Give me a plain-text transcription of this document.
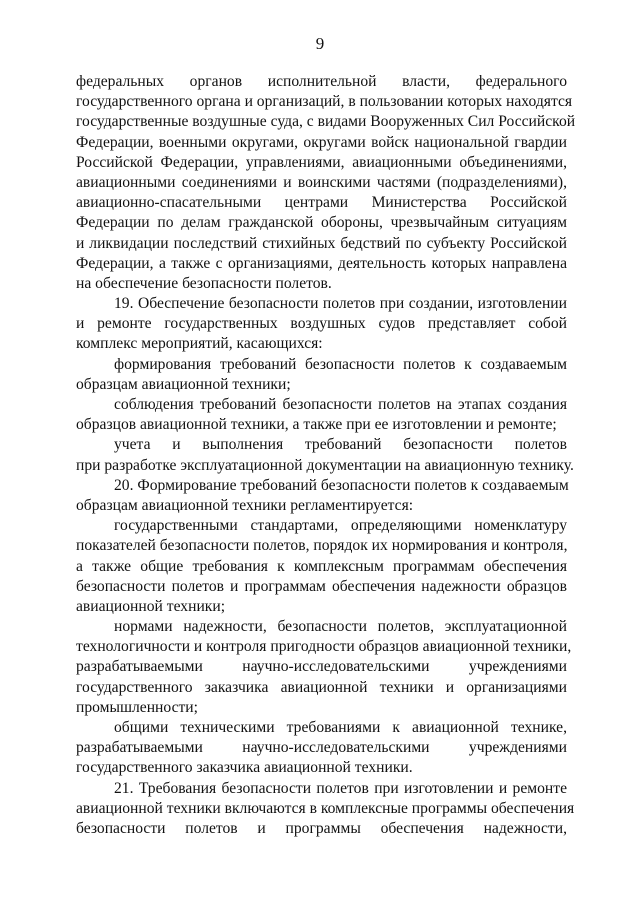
9
федеральных органов исполнительной власти, федерального
государственного органа и организаций, в пользовании которых находятся
государственные воздушные суда, с видами Вооруженных Сил Российской
Федерации, военными округами, округами войск национальной гвардии
Российской Федерации, управлениями, авиационными объединениями,
авиационными соединениями и воинскими частями (подразделениями),
авиационно-спасательными центрами Министерства Российской
Федерации по делам гражданской обороны, чрезвычайным ситуациям
и ликвидации последствий стихийных бедствий по субъекту Российской
Федерации, а также с организациями, деятельность которых направлена
на обеспечение безопасности полетов.
19. Обеспечение безопасности полетов при создании, изготовлении
и ремонте государственных воздушных судов представляет собой
комплекс мероприятий, касающихся:
формирования требований безопасности полетов к создаваемым
образцам авиационной техники;
соблюдения требований безопасности полетов на этапах создания
образцов авиационной техники, а также при ее изготовлении и ремонте;
учета и выполнения требований безопасности полетов
при разработке эксплуатационной документации на авиационную технику.
20. Формирование требований безопасности полетов к создаваемым
образцам авиационной техники регламентируется:
государственными стандартами, определяющими номенклатуру
показателей безопасности полетов, порядок их нормирования и контроля,
а также общие требования к комплексным программам обеспечения
безопасности полетов и программам обеспечения надежности образцов
авиационной техники;
нормами надежности, безопасности полетов, эксплуатационной
технологичности и контроля пригодности образцов авиационной техники,
разрабатываемыми научно-исследовательскими учреждениями
государственного заказчика авиационной техники и организациями
промышленности;
общими техническими требованиями к авиационной технике,
разрабатываемыми научно-исследовательскими учреждениями
государственного заказчика авиационной техники.
21. Требования безопасности полетов при изготовлении и ремонте
авиационной техники включаются в комплексные программы обеспечения
безопасности полетов и программы обеспечения надежности,
